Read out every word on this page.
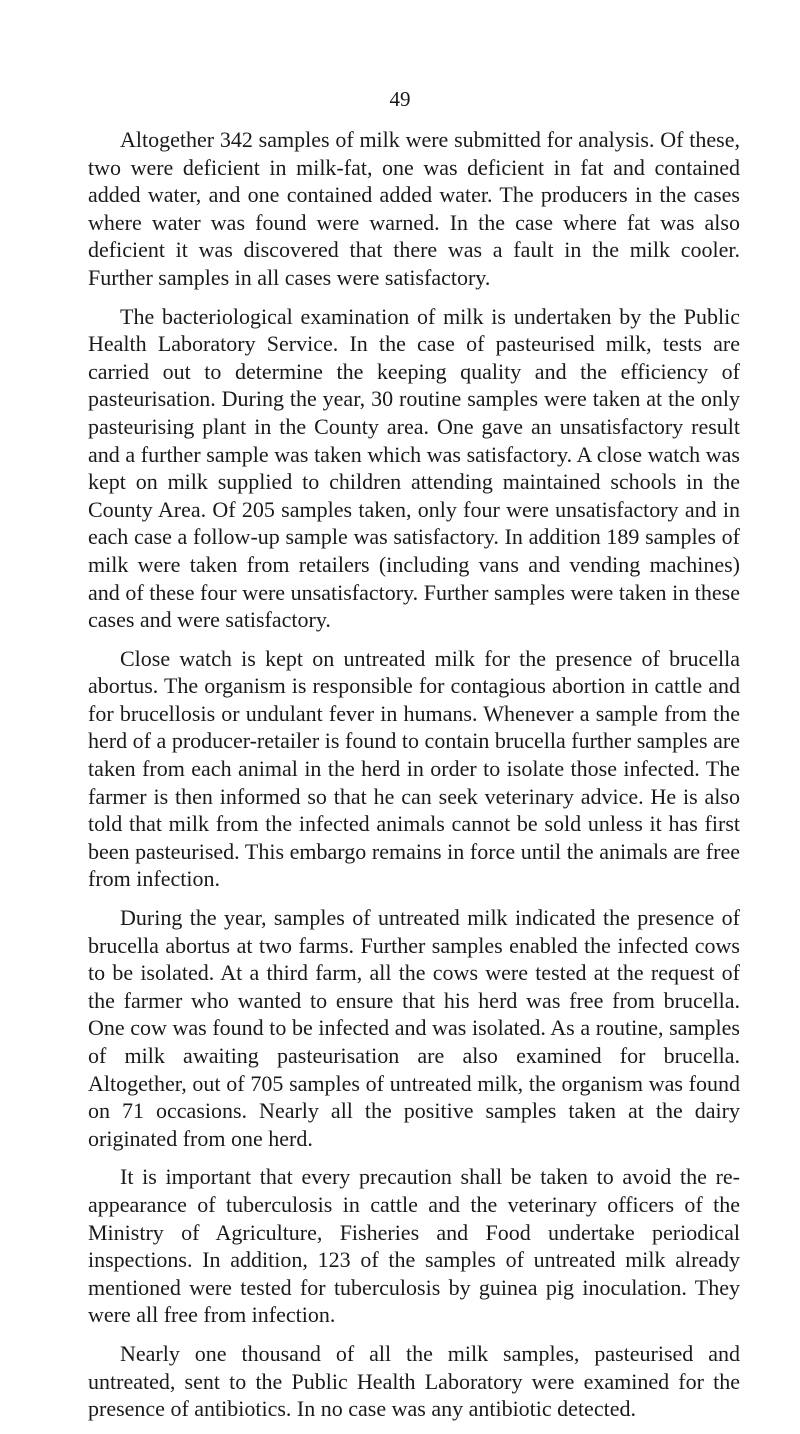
49

Altogether 342 samples of milk were submitted for analysis. Of these, two were deficient in milk-fat, one was deficient in fat and contained added water, and one contained added water. The producers in the cases where water was found were warned. In the case where fat was also deficient it was discovered that there was a fault in the milk cooler. Further samples in all cases were satisfactory.

The bacteriological examination of milk is undertaken by the Public Health Laboratory Service. In the case of pasteurised milk, tests are carried out to determine the keeping quality and the efficiency of pasteurisation. During the year, 30 routine samples were taken at the only pasteurising plant in the County area. One gave an unsatisfactory result and a further sample was taken which was satisfactory. A close watch was kept on milk supplied to children attending maintained schools in the County Area. Of 205 samples taken, only four were unsatisfactory and in each case a follow-up sample was satisfactory. In addition 189 samples of milk were taken from retailers (including vans and vending machines) and of these four were unsatisfactory. Further samples were taken in these cases and were satisfactory.

Close watch is kept on untreated milk for the presence of brucella abortus. The organism is responsible for contagious abortion in cattle and for brucellosis or undulant fever in humans. Whenever a sample from the herd of a producer-retailer is found to contain brucella further samples are taken from each animal in the herd in order to isolate those infected. The farmer is then informed so that he can seek veterinary advice. He is also told that milk from the infected animals cannot be sold unless it has first been pasteurised. This embargo remains in force until the animals are free from infection.

During the year, samples of untreated milk indicated the presence of brucella abortus at two farms. Further samples enabled the infected cows to be isolated. At a third farm, all the cows were tested at the request of the farmer who wanted to ensure that his herd was free from brucella. One cow was found to be infected and was isolated. As a routine, samples of milk awaiting pasteurisation are also examined for brucella. Altogether, out of 705 samples of untreated milk, the organism was found on 71 occasions. Nearly all the positive samples taken at the dairy originated from one herd.

It is important that every precaution shall be taken to avoid the re-appearance of tuberculosis in cattle and the veterinary officers of the Ministry of Agriculture, Fisheries and Food undertake periodical inspections. In addition, 123 of the samples of untreated milk already mentioned were tested for tuberculosis by guinea pig inoculation. They were all free from infection.

Nearly one thousand of all the milk samples, pasteurised and untreated, sent to the Public Health Laboratory were examined for the presence of antibiotics. In no case was any antibiotic detected.
